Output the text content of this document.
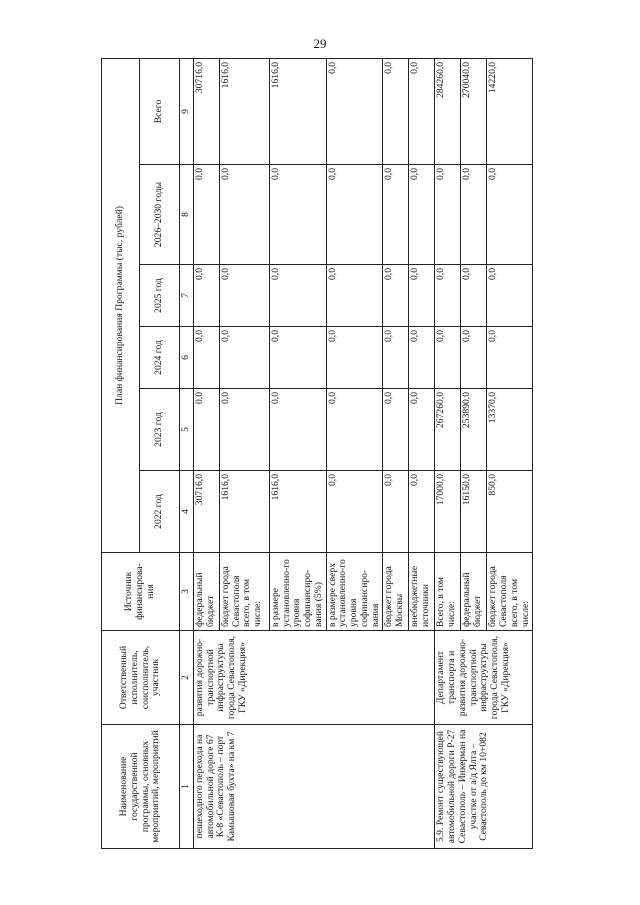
29
Наименование государственной программы, основных мероприятий, мероприятий	Ответственный исполнитель, соисполнитель, участник	Источник финансирова-ния	План финансирования Программы (тыс. рублей)					
			2022 год	2023 год	2024 год	2025 год	2026–2030 годы	Всего
1	2	3	4	5	6	7	8	9
пешеходного перехода на автомобильной дороге 67 К-8 «Севастополь – порт Камышовая бухта» на км 7	развития дорожно-транспортной инфраструктуры города Севастополя, ГКУ «Дирекция»	федеральный бюджет	30716,0	0,0	0,0	0,0	0,0	30716,0
		бюджет города Севастополя всего, в том числе:	1616,0	0,0	0,0	0,0	0,0	1616,0
		в размере установленно-го уровня софинансиро-вания (5%)	1616,0	0,0	0,0	0,0	0,0	1616,0
		в размере сверх установленно-го уровня софинансиро-вания	0,0	0,0	0,0	0,0	0,0	0,0
		бюджет города Москвы	0,0	0,0	0,0	0,0	0,0	0,0
		внебюджетные источники	0,0	0,0	0,0	0,0	0,0	0,0
5.9. Ремонт существующей автомобильной дороги Р-27 Севастополь – Инкерман на участке от а/д Ялта – Севастополь до км 10+082	Департамент транспорта и развития дорожно-транспортной инфраструктуры города Севастополя, ГКУ «Дирекция»	Всего, в том числе:	17000,0	267260,0	0,0	0,0	0,0	284260,0
		федеральный бюджет	16150,0	253890,0	0,0	0,0	0,0	270040,0
		бюджет города Севастополя всего, в том числе:	850,0	13370,0	0,0	0,0	0,0	14220,0
